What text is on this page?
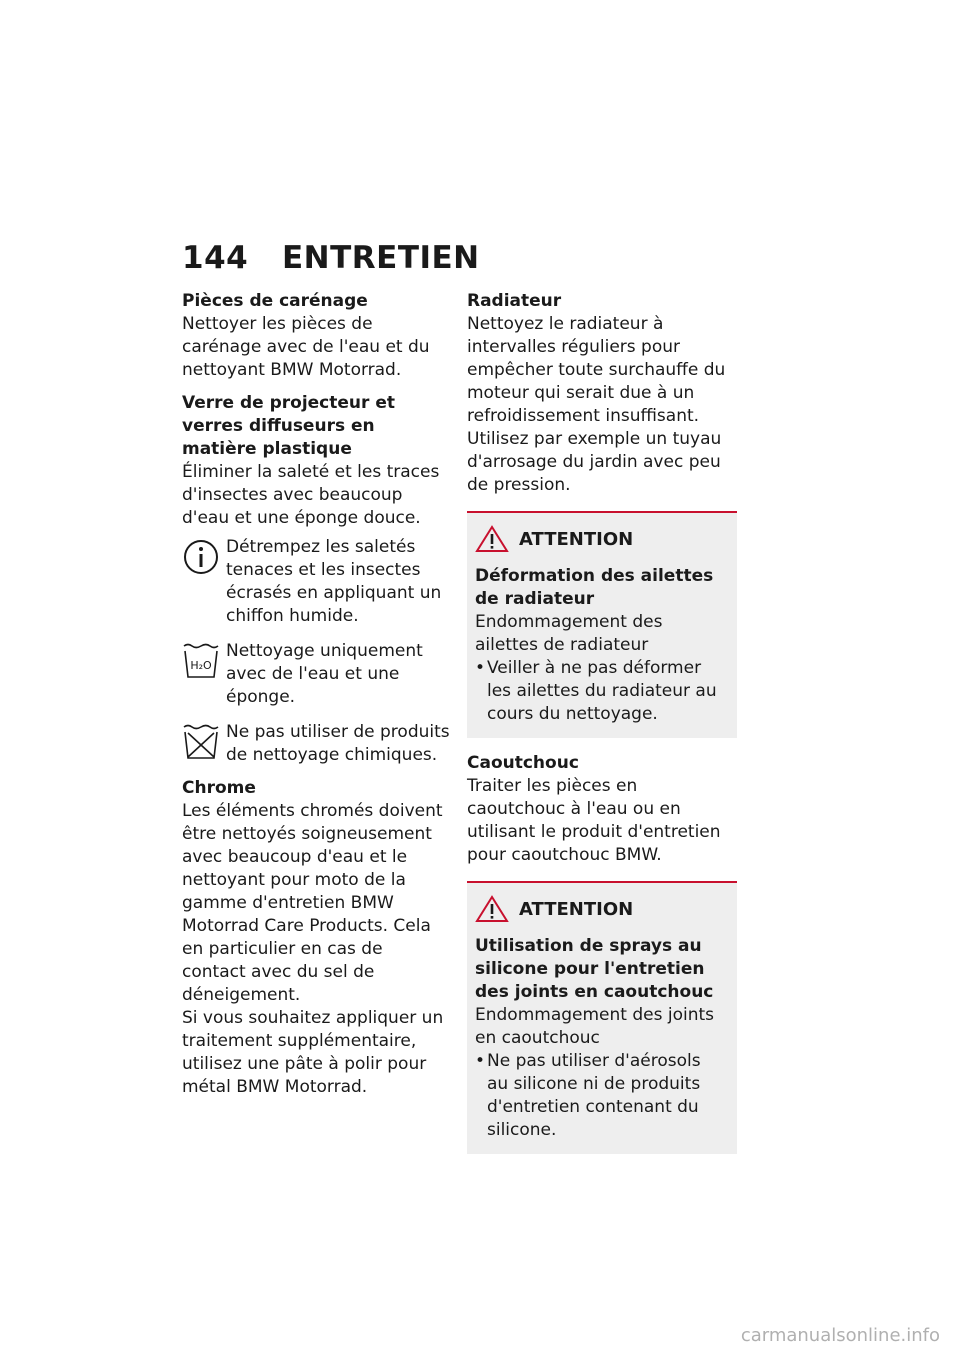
144 ENTRETIEN
Pièces de carénage

Nettoyer les pièces de carénage avec de l'eau et du nettoyant BMW Motorrad.

Verre de projecteur et verres diffuseurs en matière plastique

Éliminer la saleté et les traces d'insectes avec beaucoup d'eau et une éponge douce.

Détrempez les saletés tenaces et les insectes écrasés en appliquant un chiffon humide.

H₂O

Nettoyage uniquement avec de l'eau et une éponge.

Ne pas utiliser de produits de nettoyage chimiques.

Chrome

Les éléments chromés doivent être nettoyés soigneusement avec beaucoup d'eau et le nettoyant pour moto de la gamme d'entretien BMW Motorrad Care Products. Cela en particulier en cas de contact avec du sel de déneigement.

Si vous souhaitez appliquer un traitement supplémentaire, utilisez une pâte à polir pour métal BMW Motorrad.

Radiateur

Nettoyez le radiateur à intervalles réguliers pour empêcher toute surchauffe du moteur qui serait due à un refroidissement insuffisant.

Utilisez par exemple un tuyau d'arrosage du jardin avec peu de pression.

ATTENTION
Déformation des ailettes de radiateur

Endommagement des ailettes de radiateur

• Veiller à ne pas déformer les ailettes du radiateur au cours du nettoyage.
Caoutchouc

Traiter les pièces en caoutchouc à l'eau ou en utilisant le produit d'entretien pour caoutchouc BMW.

ATTENTION
Utilisation de sprays au silicone pour l'entretien des joints en caoutchouc

Endommagement des joints en caoutchouc

• Ne pas utiliser d'aérosols au silicone ni de produits d'entretien contenant du silicone.
carmanualsonline.info
